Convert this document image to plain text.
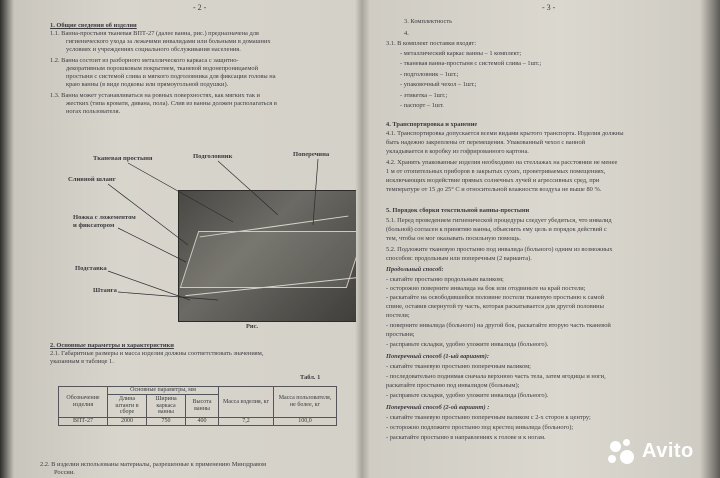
- 2 -
1. Общие сведения об изделии
1.1. Ванна-простыня тканевая ВПТ-27 (далее ванна, рис.) предназначена для
гигиенического ухода за лежачими инвалидами или больными в домашних
условиях и учреждениях социального обслуживания населения.
1.2. Ванна состоит из разборного металлического каркаса с защитно-
декоративным порошковым покрытием, тканевой водонепроницаемой
простыни с системой слива и мягкого подголовника для фиксации головы на
краю ванны (в виде подковы или прямоугольной подушки).
1.3. Ванна может устанавливаться на ровных поверхностях, как мягких так и
жестких (типа кровати, дивана, пола). Слив из ванны должен располагаться в
ногах пользователя.
Тканевая простыня	Подголовник	Поперечина
Сливной шланг
Ножка с ложементом
и фиксатором
Подставка
Штанга
Рис.
2. Основные параметры и характеристики
2.1. Габаритные размеры и масса изделия должны соответствовать значениям,
указанным в таблице 1.
Табл. 1
Обозначение изделия	Основные параметры, мм			Масса изделия, кг	Масса пользователя, не более, кг
	Длина штанги в сборе	Ширина каркаса ванны	Высота ванны		
ВПТ-27	2000	750	400	7,2	100,0
2.2. В изделии использованы материалы, разрешенные к применению Минздравом
России.
- 3 -
3. Комплектность
4.
3.1. В комплект поставки входят:
- металлический каркас ванны – 1 комплект;
- тканевая ванна-простыня с системой слива – 1шт.;
- подголовник – 1шт.;
- упаковочный чехол – 1шт.;
- этикетка – 1шт.;
- паспорт – 1шт.
4. Транспортировка и хранение
4.1. Транспортировка допускается всеми видами крытого транспорта. Изделия должны
быть надежно закреплены от перемещения. Упакованный чехол с ванной
укладывается в коробку из гофрированного картона.
4.2. Хранить упакованные изделия необходимо на стеллажах на расстоянии не менее
1 м от отопительных приборов в закрытых сухих, проветриваемых помещениях,
исключающих воздействие прямых солнечных лучей и агрессивных сред, при
температуре от 15 до 25° С и относительной влажности воздуха не выше 80 %.
5. Порядок сборки текстильной ванны-простыни
5.1. Перед проведением гигиенической процедуры следует убедиться, что инвалид
(больной) согласен к принятию ванны, объяснить ему цель и порядок действий с
тем, чтобы он мог оказывать посильную помощь.
5.2. Подложите тканевую простыню под инвалида (больного) одним из возможных
способов: продольным или поперечным (2 варианта).
Продольный способ:
- скатайте простыню продольным валиком;
- осторожно поверните инвалида на бок или отодвиньте на край постели;
- раскатайте на освободившейся половине постели тканевую простыню к самой
спине, оставив свернутой ту часть, которая раскатывается для другой половины
постели;
- поверните инвалида (больного) на другой бок, раскатайте вторую часть тканевой
простыни;
- расправьте складки, удобно уложите инвалида (больного).
Поперечный способ (1-ый вариант):
- скатайте тканевую простыню поперечным валиком;
- последовательно поднимая сначала верхнюю часть тела, затем ягодицы и ноги,
раскатайте простыню под инвалидом (больным);
- расправьте складки, удобно уложите инвалида (больного).
Поперечный способ (2-ой вариант) :
- скатайте тканевую простыню поперечным валиком с 2-х сторон к центру;
- осторожно подложите простыню под крестец инвалида (больного);
- раскатайте простыню в направлениях к голове и к ногам.
Avito
